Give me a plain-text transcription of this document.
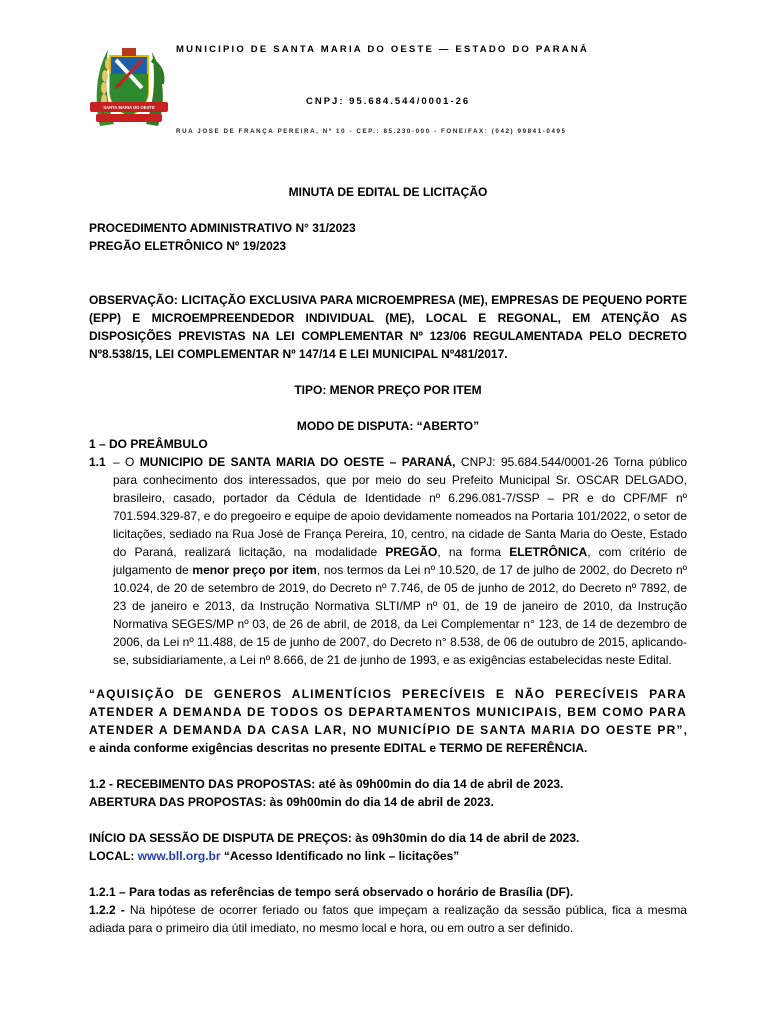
SANTA MARIA DO OESTE
MUNICIPIO DE SANTA MARIA DO OESTE — ESTADO DO PARANÁ
CNPJ: 95.684.544/0001-26
RUA JOSE DE FRANÇA PEREIRA, Nº 10 - CEP.: 85.230-000 - FONE/FAX: (042) 99841-0495

MINUTA DE EDITAL DE LICITAÇÃO

PROCEDIMENTO ADMINISTRATIVO N° 31/2023

PREGÃO ELETRÔNICO Nº 19/2023

OBSERVAÇÃO: LICITAÇÃO EXCLUSIVA PARA MICROEMPRESA (ME), EMPRESAS DE PEQUENO PORTE (EPP) E MICROEMPREENDEDOR INDIVIDUAL (ME), LOCAL E REGONAL, EM ATENÇÃO AS DISPOSIÇÕES PREVISTAS NA LEI COMPLEMENTAR Nº 123/06 REGULAMENTADA PELO DECRETO Nº8.538/15, LEI COMPLEMENTAR Nº 147/14 E LEI MUNICIPAL Nº481/2017.

TIPO: MENOR PREÇO POR ITEM

MODO DE DISPUTA: “ABERTO”

1 – DO PREÂMBULO

1.1 – O MUNICIPIO DE SANTA MARIA DO OESTE – PARANÁ, CNPJ: 95.684.544/0001-26 Torna público para conhecimento dos interessados, que por meio do seu Prefeito Municipal Sr. OSCAR DELGADO, brasileiro, casado, portador da Cédula de Identidade nº 6.296.081-7/SSP – PR e do CPF/MF nº 701.594.329-87, e do pregoeiro e equipe de apoio devidamente nomeados na Portaria 101/2022, o setor de licitações, sediado na Rua José de França Pereira, 10, centro, na cidade de Santa Maria do Oeste, Estado do Paraná, realizará licitação, na modalidade PREGÃO, na forma ELETRÔNICA, com critério de julgamento de menor preço por item, nos termos da Lei nº 10.520, de 17 de julho de 2002, do Decreto nº 10.024, de 20 de setembro de 2019, do Decreto nº 7.746, de 05 de junho de 2012, do Decreto nº 7892, de 23 de janeiro e 2013, da Instrução Normativa SLTI/MP nº 01, de 19 de janeiro de 2010, da Instrução Normativa SEGES/MP nº 03, de 26 de abril, de 2018, da Lei Complementar n° 123, de 14 de dezembro de 2006, da Lei nº 11.488, de 15 de junho de 2007, do Decreto n° 8.538, de 06 de outubro de 2015, aplicando-se, subsidiariamente, a Lei nº 8.666, de 21 de junho de 1993, e as exigências estabelecidas neste Edital.

“AQUISIÇÃO DE GENEROS ALIMENTÍCIOS PERECÍVEIS E NÃO PERECÍVEIS PARA ATENDER A DEMANDA DE TODOS OS DEPARTAMENTOS MUNICIPAIS, BEM COMO PARA ATENDER A DEMANDA DA CASA LAR, NO MUNICÍPIO DE SANTA MARIA DO OESTE PR”, e ainda conforme exigências descritas no presente EDITAL e TERMO DE REFERÊNCIA.

1.2 - RECEBIMENTO DAS PROPOSTAS: até às 09h00min do dia 14 de abril de 2023.

ABERTURA DAS PROPOSTAS: às 09h00min do dia 14 de abril de 2023.

INÍCIO DA SESSÃO DE DISPUTA DE PREÇOS: às 09h30min do dia 14 de abril de 2023.

LOCAL: www.bll.org.br “Acesso Identificado no link – licitações”

1.2.1 – Para todas as referências de tempo será observado o horário de Brasília (DF).

1.2.2 - Na hipótese de ocorrer feriado ou fatos que impeçam a realização da sessão pública, fica a mesma adiada para o primeiro dia útil imediato, no mesmo local e hora, ou em outro a ser definido.
